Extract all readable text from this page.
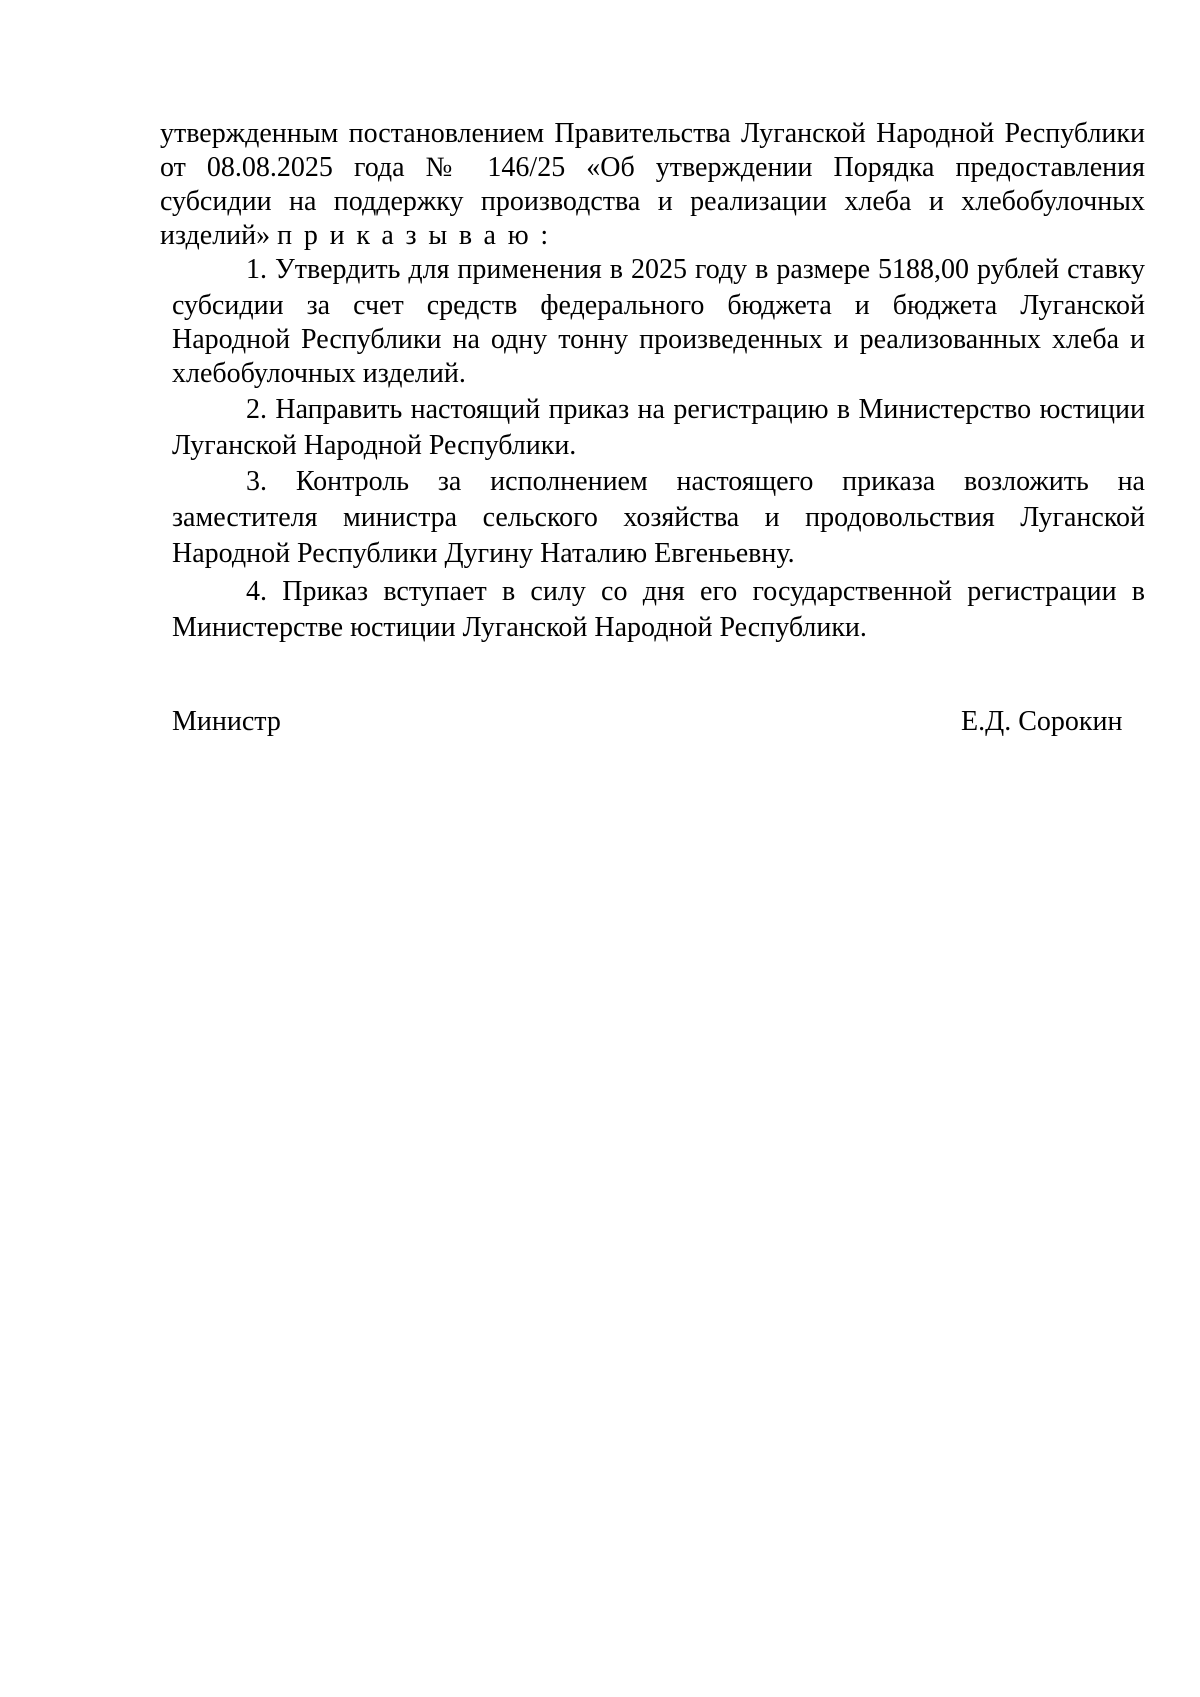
утвержденным постановлением Правительства Луганской Народной Республики
от 08.08.2025 года № 146/25 «Об утверждении Порядка предоставления
субсидии на поддержку производства и реализации хлеба и хлебобулочных
изделий» приказываю:
1. Утвердить для применения в 2025 году в размере 5188,00 рублей ставку
субсидии за счет средств федерального бюджета и бюджета Луганской
Народной Республики на одну тонну произведенных и реализованных хлеба и
хлебобулочных изделий.
2. Направить настоящий приказ на регистрацию в Министерство юстиции
Луганской Народной Республики.
3. Контроль за исполнением настоящего приказа возложить на
заместителя министра сельского хозяйства и продовольствия Луганской
Народной Республики Дугину Наталию Евгеньевну.
4. Приказ вступает в силу со дня его государственной регистрации в
Министерстве юстиции Луганской Народной Республики.
Министр	Е.Д. Сорокин
